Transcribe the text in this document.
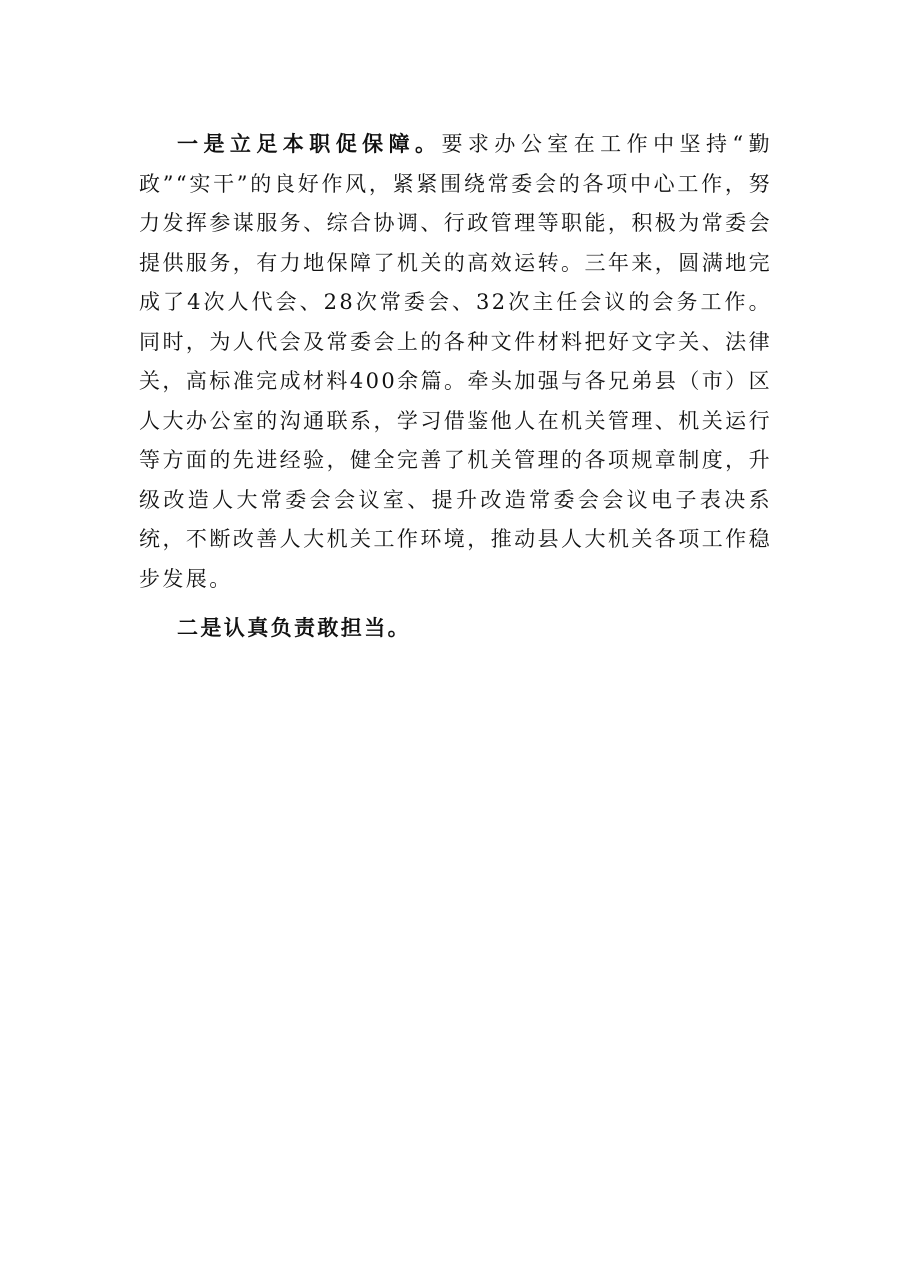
一是立足本职促保障。要求办公室在工作中坚持“勤政”“实干”的良好作风，紧紧围绕常委会的各项中心工作，努力发挥参谋服务、综合协调、行政管理等职能，积极为常委会提供服务，有力地保障了机关的高效运转。三年来，圆满地完成了4次人代会、28次常委会、32次主任会议的会务工作。同时，为人代会及常委会上的各种文件材料把好文字关、法律关，高标准完成材料400余篇。牵头加强与各兄弟县（市）区人大办公室的沟通联系，学习借鉴他人在机关管理、机关运行等方面的先进经验，健全完善了机关管理的各项规章制度，升级改造人大常委会会议室、提升改造常委会会议电子表决系统，不断改善人大机关工作环境，推动县人大机关各项工作稳步发展。

二是认真负责敢担当。
